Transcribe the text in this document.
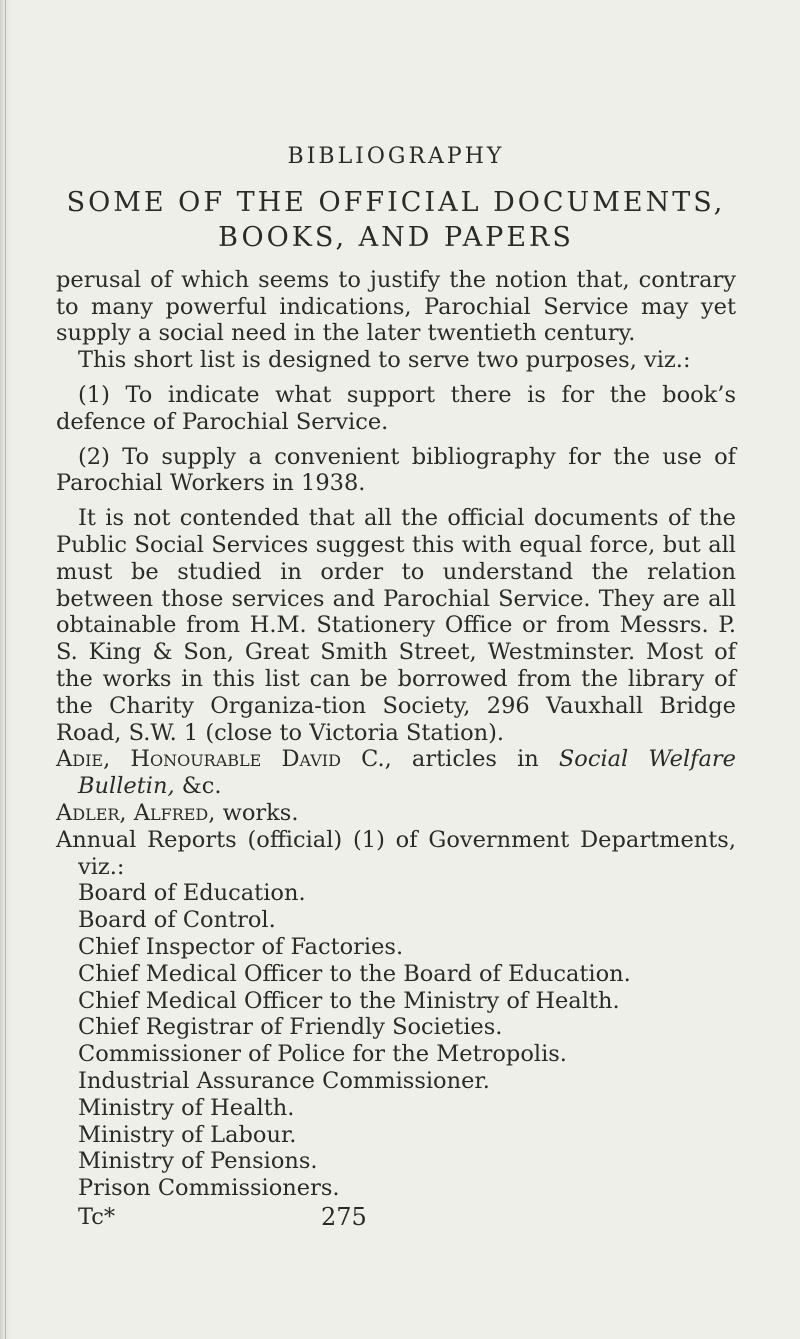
BIBLIOGRAPHY
SOME OF THE OFFICIAL DOCUMENTS,
BOOKS, AND PAPERS

perusal of which seems to justify the notion that, contrary to many powerful indications, Parochial Service may yet supply a social need in the later twentieth century.

This short list is designed to serve two purposes, viz.:

(1) To indicate what support there is for the book’s defence of Parochial Service.

(2) To supply a convenient bibliography for the use of Parochial Workers in 1938.

It is not contended that all the official documents of the Public Social Services suggest this with equal force, but all must be studied in order to understand the relation between those services and Parochial Service. They are all obtainable from H.M. Stationery Office or from Messrs. P. S. King & Son, Great Smith Street, Westminster. Most of the works in this list can be borrowed from the library of the Charity Organiza-tion Society, 296 Vauxhall Bridge Road, S.W. 1 (close to Victoria Station).

Adie, Honourable David C., articles in Social Welfare Bulletin, &c.

Adler, Alfred, works.

Annual Reports (official) (1) of Government Departments, viz.:

Board of Education.
Board of Control.
Chief Inspector of Factories.
Chief Medical Officer to the Board of Education.
Chief Medical Officer to the Ministry of Health.
Chief Registrar of Friendly Societies.
Commissioner of Police for the Metropolis.
Industrial Assurance Commissioner.
Ministry of Health.
Ministry of Labour.
Ministry of Pensions.
Prison Commissioners.
Tc*	275
